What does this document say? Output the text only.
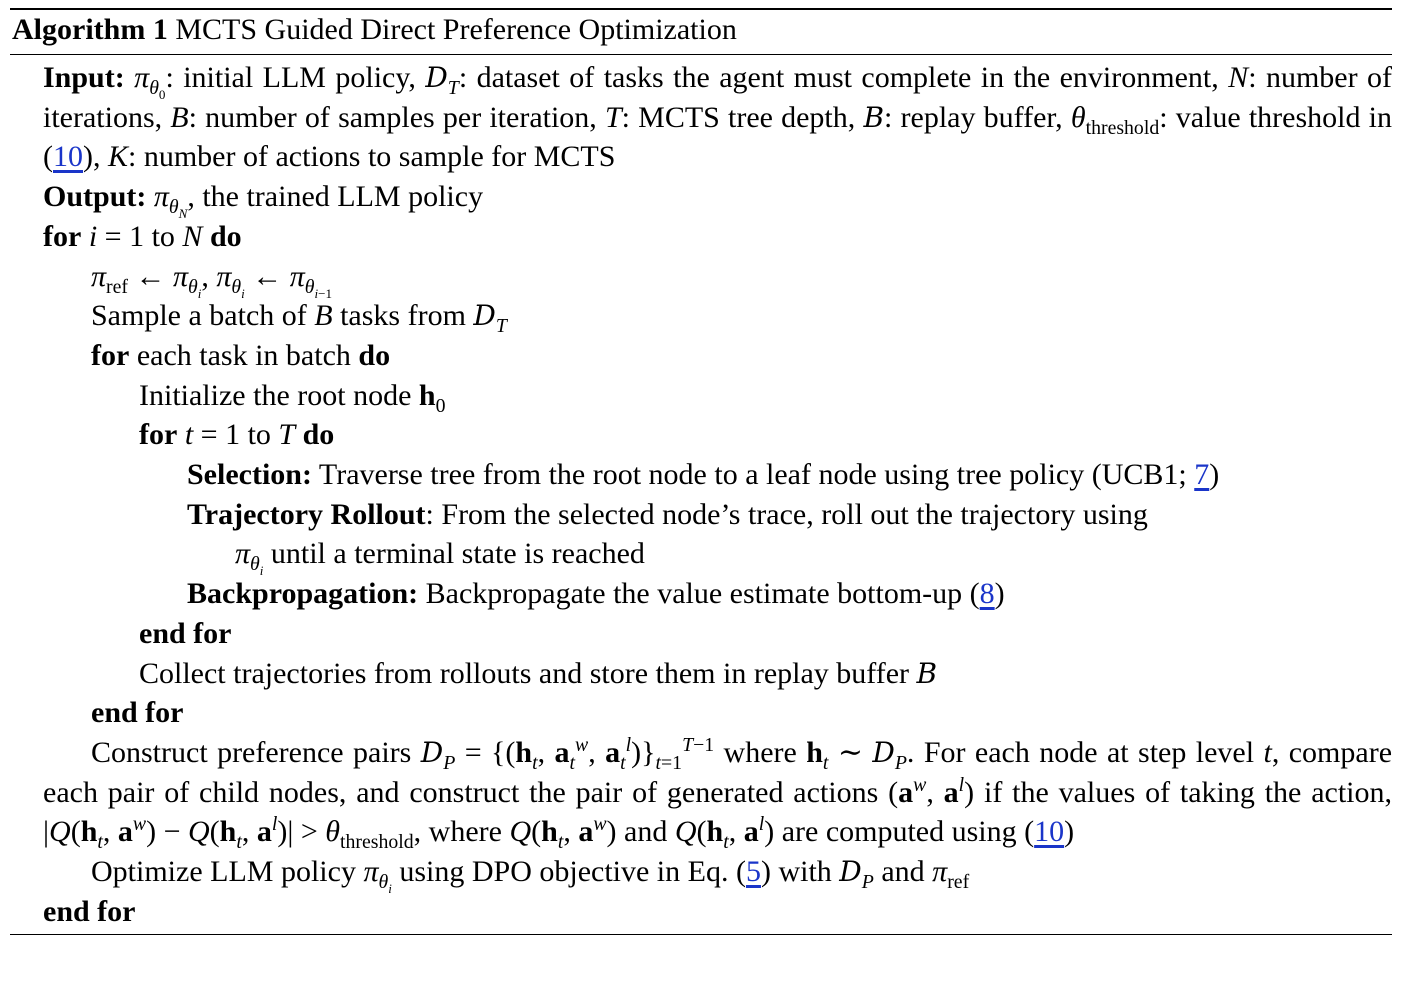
Algorithm 1 MCTS Guided Direct Preference Optimization
Input: $\pi_{\theta_0}$: initial LLM policy, $D_T$: dataset of tasks the agent must complete in the environment, N: number of iterations, B: number of samples per iteration, T: MCTS tree depth, B: replay buffer, $\theta_{threshold}$: value threshold in (10), K: number of actions to sample for MCTS
Output: $\pi_{\theta_N}$, the trained LLM policy
for i = 1 to N do
$\pi_{ref}$ ← $\pi_{\theta_i}$, $\pi_{\theta_i}$ ← $\pi_{\theta_{i-1}}$
Sample a batch of B tasks from $D_T$
for each task in batch do
Initialize the root node $h_0$
for t = 1 to T do
Selection: Traverse tree from the root node to a leaf node using tree policy (UCB1; 7)
Trajectory Rollout: From the selected node’s trace, roll out the trajectory using
$\pi_{\theta_i}$ until a terminal state is reached
Backpropagation: Backpropagate the value estimate bottom-up (8)
end for
Collect trajectories from rollouts and store them in replay buffer B
end for
Construct preference pairs $D_P = \{(h_t$, $a_t^w$, $a_t^l)\}_{t=1}^{T-1}$ where $h_t$ ∼ $D_P$. For each node at step level t, compare each pair of child nodes, and construct the pair of generated actions ($a^w$, $a^l$) if the values of taking the action, $|Q(h_t$, $a^w) - Q(h_t$, $a^l)| > \theta_{threshold}$, where $Q(h_t$, $a^w$) and $Q(h_t$, $a^l$) are computed using (10)
Optimize LLM policy $\pi_{\theta_i}$ using DPO objective in Eq. (5) with $D_P$ and $\pi_{ref}$
end for
